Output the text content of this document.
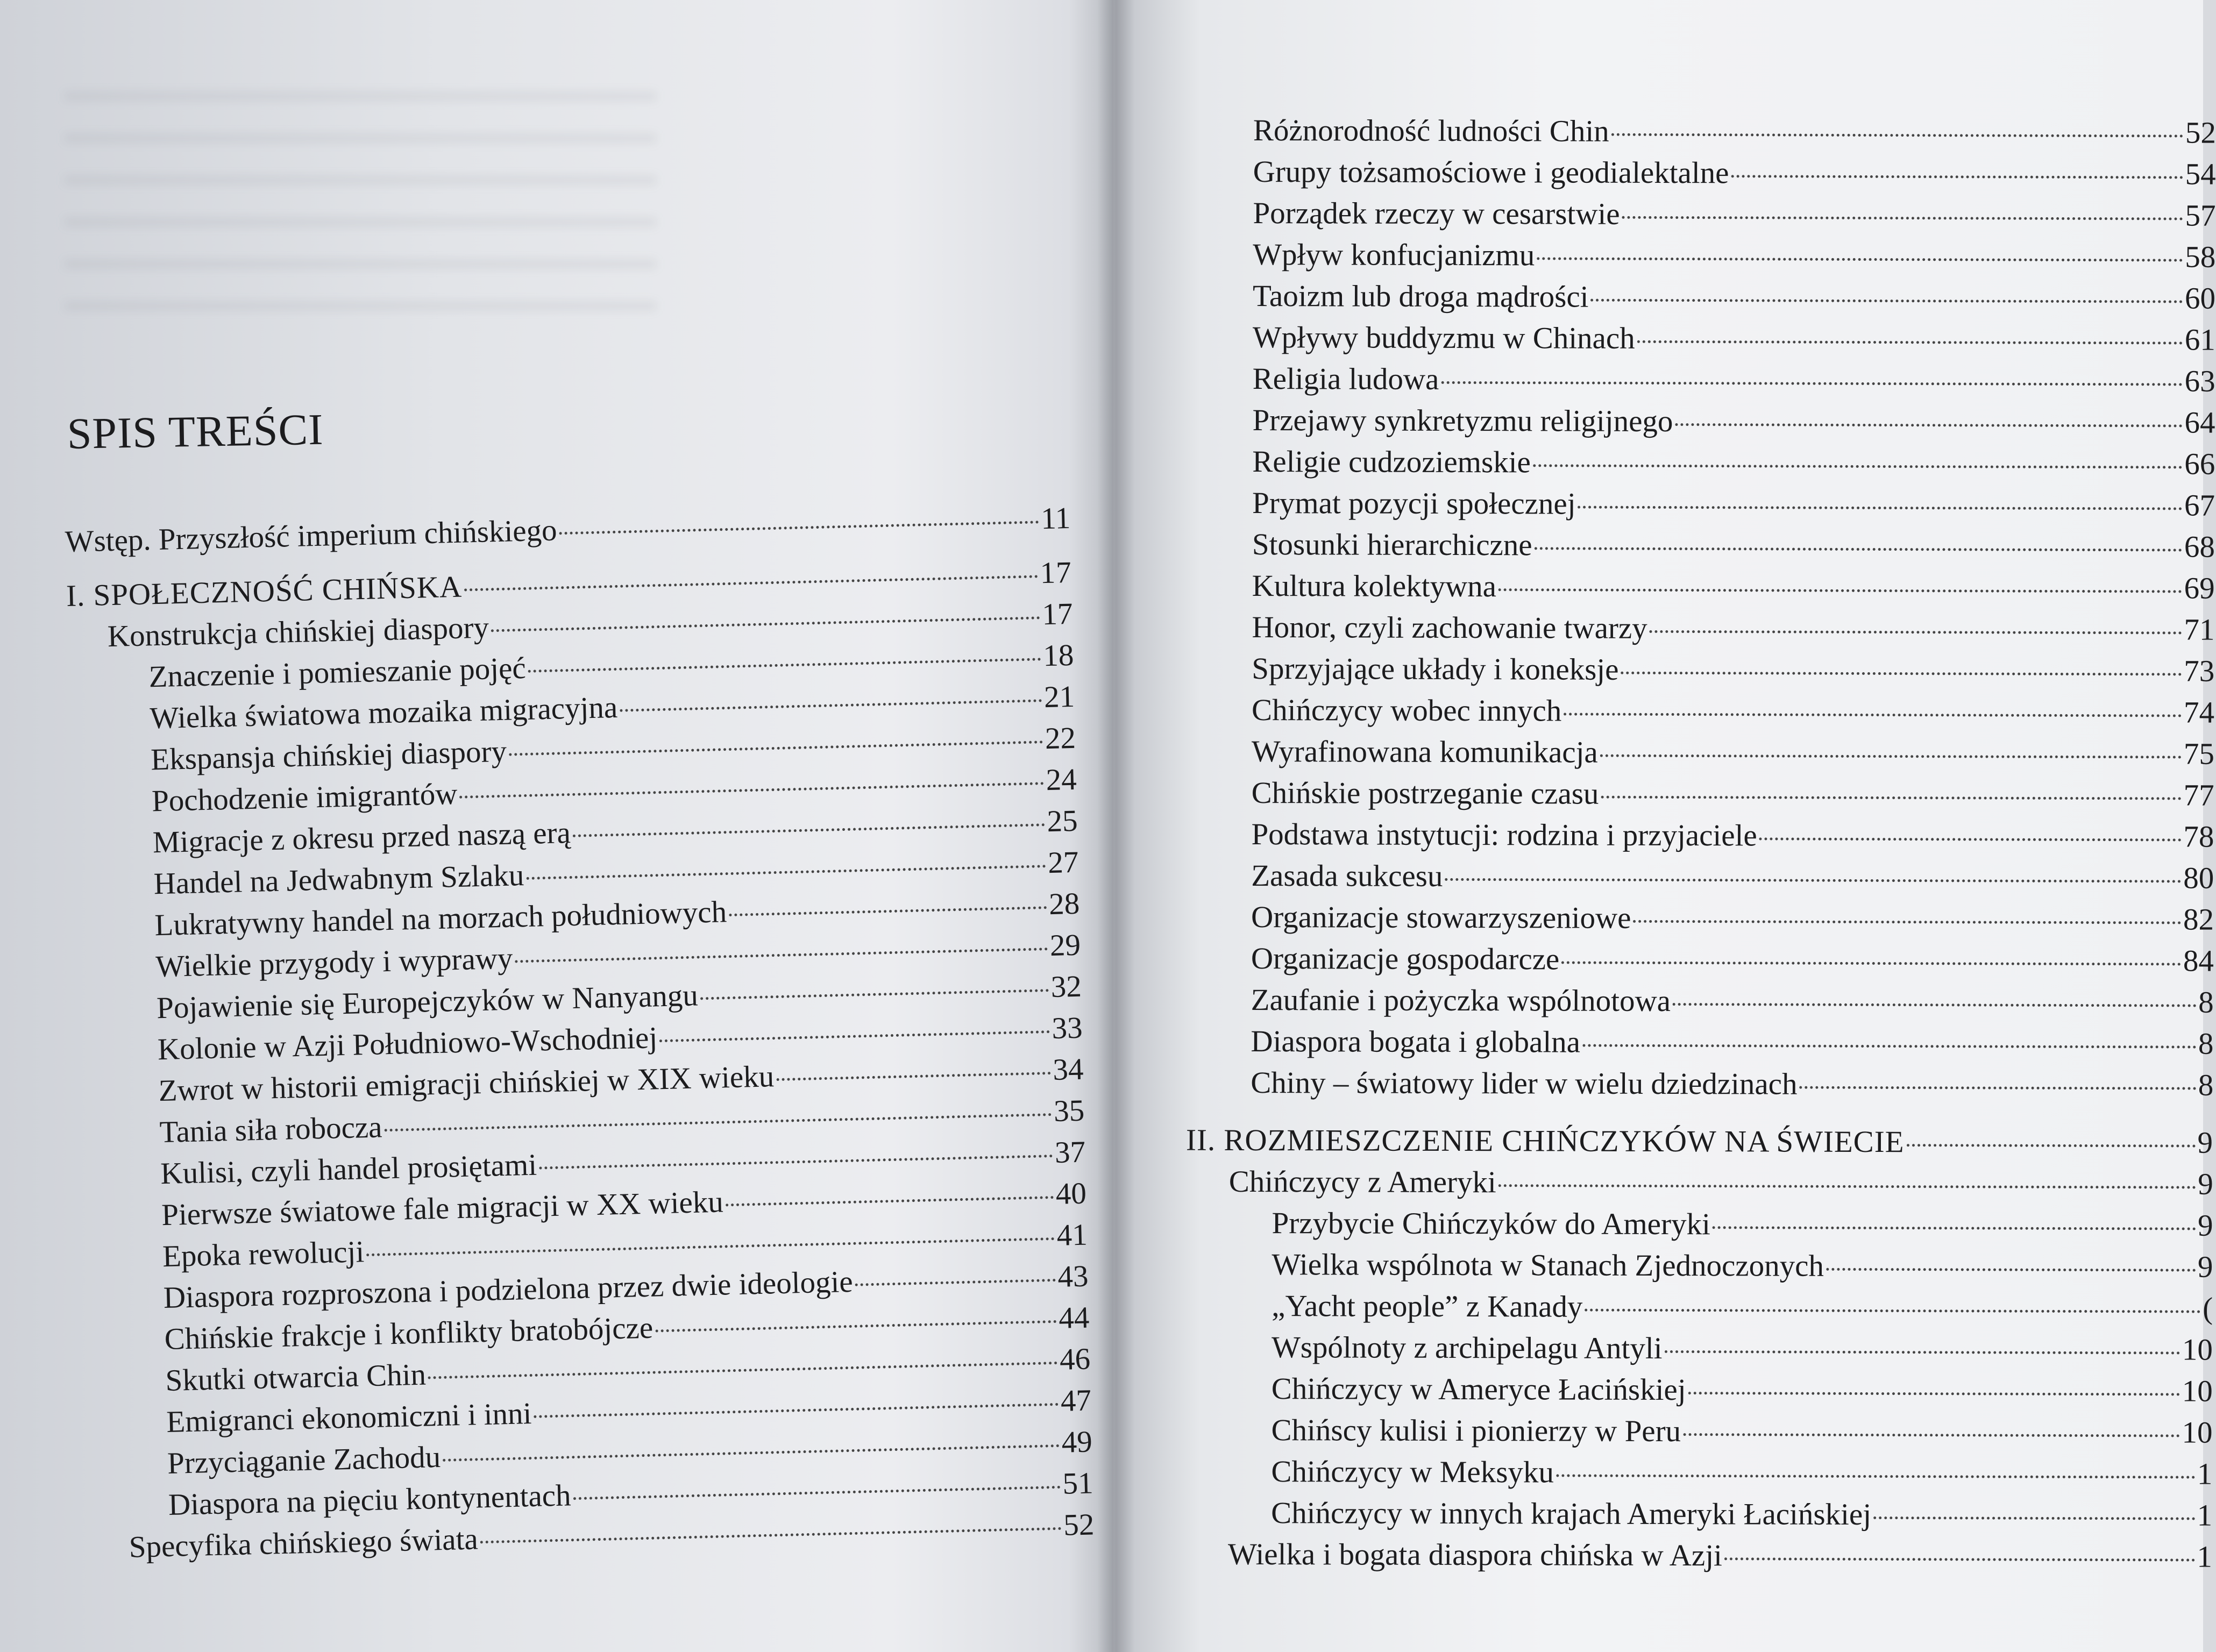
SPIS TREŚCI
Wstęp. Przyszłość imperium chińskiego	11
I. SPOŁECZNOŚĆ CHIŃSKA	17
Konstrukcja chińskiej diaspory	17
Znaczenie i pomieszanie pojęć	18
Wielka światowa mozaika migracyjna	21
Ekspansja chińskiej diaspory	22
Pochodzenie imigrantów	24
Migracje z okresu przed naszą erą	25
Handel na Jedwabnym Szlaku	27
Lukratywny handel na morzach południowych	28
Wielkie przygody i wyprawy	29
Pojawienie się Europejczyków w Nanyangu	32
Kolonie w Azji Południowo-Wschodniej	33
Zwrot w historii emigracji chińskiej w XIX wieku	34
Tania siła robocza	35
Kulisi, czyli handel prosiętami	37
Pierwsze światowe fale migracji w XX wieku	40
Epoka rewolucji	41
Diaspora rozproszona i podzielona przez dwie ideologie	43
Chińskie frakcje i konflikty bratobójcze	44
Skutki otwarcia Chin	46
Emigranci ekonomiczni i inni	47
Przyciąganie Zachodu	49
Diaspora na pięciu kontynentach	51
Specyfika chińskiego świata	52
Różnorodność ludności Chin	52
Grupy tożsamościowe i geodialektalne	54
Porządek rzeczy w cesarstwie	57
Wpływ konfucjanizmu	58
Taoizm lub droga mądrości	60
Wpływy buddyzmu w Chinach	61
Religia ludowa	63
Przejawy synkretyzmu religijnego	64
Religie cudzoziemskie	66
Prymat pozycji społecznej	67
Stosunki hierarchiczne	68
Kultura kolektywna	69
Honor, czyli zachowanie twarzy	71
Sprzyjające układy i koneksje	73
Chińczycy wobec innych	74
Wyrafinowana komunikacja	75
Chińskie postrzeganie czasu	77
Podstawa instytucji: rodzina i przyjaciele	78
Zasada sukcesu	80
Organizacje stowarzyszeniowe	82
Organizacje gospodarcze	84
Zaufanie i pożyczka wspólnotowa	8
Diaspora bogata i globalna	8
Chiny – światowy lider w wielu dziedzinach	8
II. ROZMIESZCZENIE CHIŃCZYKÓW NA ŚWIECIE	9
Chińczycy z Ameryki	9
Przybycie Chińczyków do Ameryki	9
Wielka wspólnota w Stanach Zjednoczonych	9
„Yacht people” z Kanady	(
Wspólnoty z archipelagu Antyli	10
Chińczycy w Ameryce Łacińskiej	10
Chińscy kulisi i pionierzy w Peru	10
Chińczycy w Meksyku	1
Chińczycy w innych krajach Ameryki Łacińskiej	1
Wielka i bogata diaspora chińska w Azji	1
